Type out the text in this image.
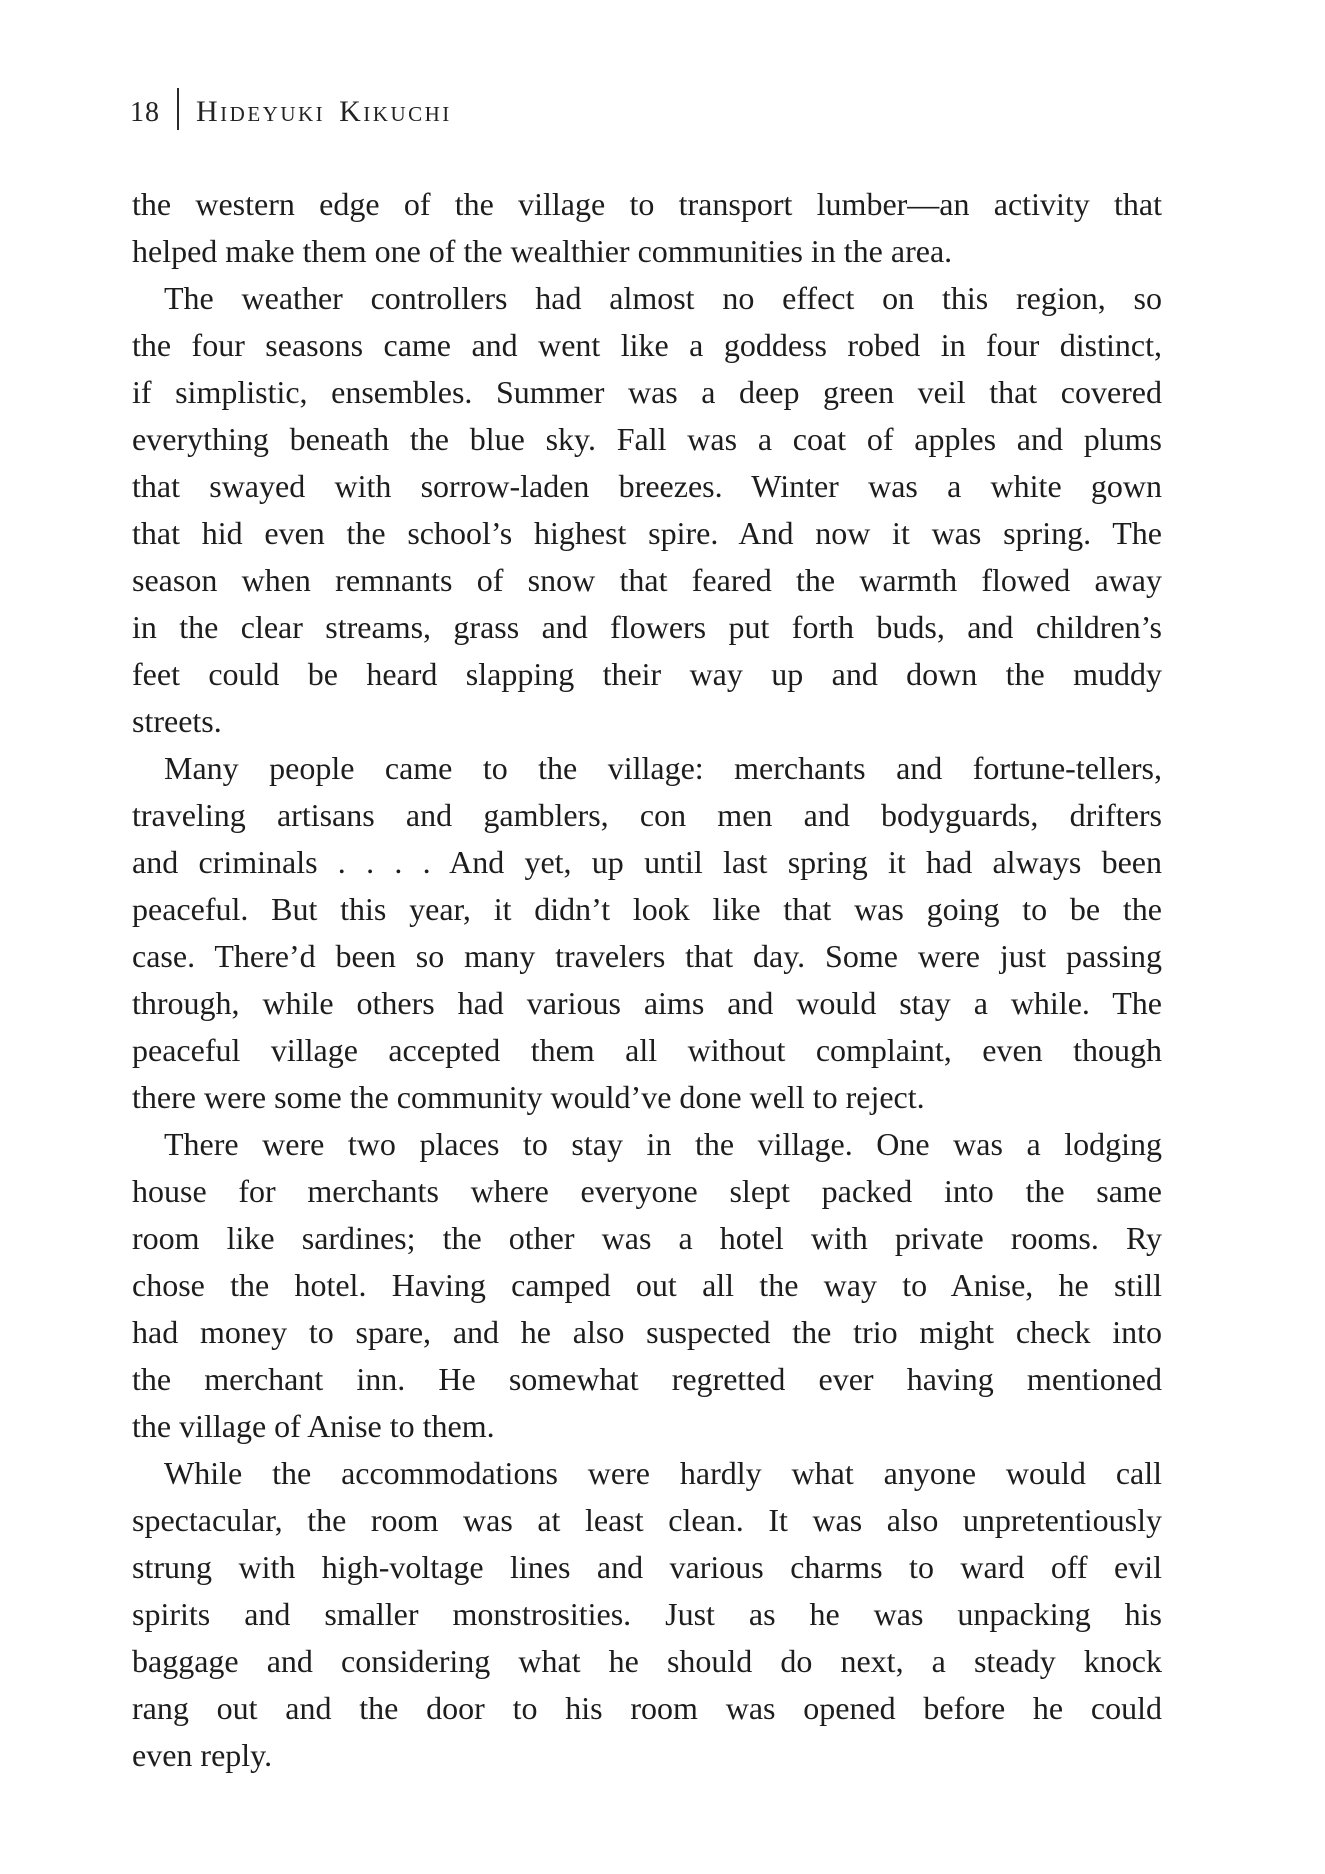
18 Hideyuki Kikuchi
the western edge of the village to transport lumber—an activity that
helped make them one of the wealthier communities in the area.
The weather controllers had almost no effect on this region, so
the four seasons came and went like a goddess robed in four distinct,
if simplistic, ensembles. Summer was a deep green veil that covered
everything beneath the blue sky. Fall was a coat of apples and plums
that swayed with sorrow-laden breezes. Winter was a white gown
that hid even the school’s highest spire. And now it was spring. The
season when remnants of snow that feared the warmth flowed away
in the clear streams, grass and flowers put forth buds, and children’s
feet could be heard slapping their way up and down the muddy
streets.
Many people came to the village: merchants and fortune-tellers,
traveling artisans and gamblers, con men and bodyguards, drifters
and criminals . . . . And yet, up until last spring it had always been
peaceful. But this year, it didn’t look like that was going to be the
case. There’d been so many travelers that day. Some were just passing
through, while others had various aims and would stay a while. The
peaceful village accepted them all without complaint, even though
there were some the community would’ve done well to reject.
There were two places to stay in the village. One was a lodging
house for merchants where everyone slept packed into the same
room like sardines; the other was a hotel with private rooms. Ry
chose the hotel. Having camped out all the way to Anise, he still
had money to spare, and he also suspected the trio might check into
the merchant inn. He somewhat regretted ever having mentioned
the village of Anise to them.
While the accommodations were hardly what anyone would call
spectacular, the room was at least clean. It was also unpretentiously
strung with high-voltage lines and various charms to ward off evil
spirits and smaller monstrosities. Just as he was unpacking his
baggage and considering what he should do next, a steady knock
rang out and the door to his room was opened before he could
even reply.
